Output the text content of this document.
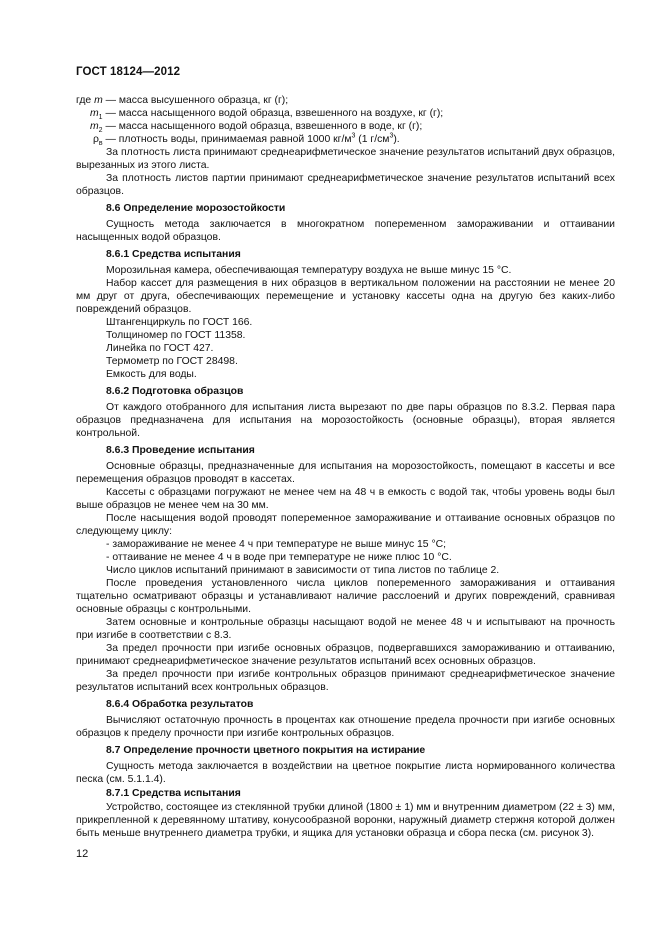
ГОСТ 18124—2012

где m — масса высушенного образца, кг (г);

$m_1$ — масса насыщенного водой образца, взвешенного на воздухе, кг (г);

$m_2$ — масса насыщенного водой образца, взвешенного в воде, кг (г);

$\rho_в$ — плотность воды, принимаемая равной 1000 $кг/м^3$ (1 $г/см^3$).

За плотность листа принимают среднеарифметическое значение результатов испытаний двух образцов, вырезанных из этого листа.

За плотность листов партии принимают среднеарифметическое значение результатов испытаний всех образцов.

8.6 Определение морозостойкости

Сущность метода заключается в многократном попеременном замораживании и оттаивании насыщенных водой образцов.

8.6.1 Средства испытания

Морозильная камера, обеспечивающая температуру воздуха не выше минус 15 °С.

Набор кассет для размещения в них образцов в вертикальном положении на расстоянии не менее 20 мм друг от друга, обеспечивающих перемещение и установку кассеты одна на другую без каких-либо повреждений образцов.

Штангенциркуль по ГОСТ 166.

Толщиномер по ГОСТ 11358.

Линейка по ГОСТ 427.

Термометр по ГОСТ 28498.

Емкость для воды.

8.6.2 Подготовка образцов

От каждого отобранного для испытания листа вырезают по две пары образцов по 8.3.2. Первая пара образцов предназначена для испытания на морозостойкость (основные образцы), вторая является контрольной.

8.6.3 Проведение испытания

Основные образцы, предназначенные для испытания на морозостойкость, помещают в кассеты и все перемещения образцов проводят в кассетах.

Кассеты с образцами погружают не менее чем на 48 ч в емкость с водой так, чтобы уровень воды был выше образцов не менее чем на 30 мм.

После насыщения водой проводят попеременное замораживание и оттаивание основных образцов по следующему циклу:

- замораживание не менее 4 ч при температуре не выше минус 15 °С;

- оттаивание не менее 4 ч в воде при температуре не ниже плюс 10 °С.

Число циклов испытаний принимают в зависимости от типа листов по таблице 2.

После проведения установленного числа циклов попеременного замораживания и оттаивания тщательно осматривают образцы и устанавливают наличие расслоений и других повреждений, сравнивая основные образцы с контрольными.

Затем основные и контрольные образцы насыщают водой не менее 48 ч и испытывают на прочность при изгибе в соответствии с 8.3.

За предел прочности при изгибе основных образцов, подвергавшихся замораживанию и оттаиванию, принимают среднеарифметическое значение результатов испытаний всех основных образцов.

За предел прочности при изгибе контрольных образцов принимают среднеарифметическое значение результатов испытаний всех контрольных образцов.

8.6.4 Обработка результатов

Вычисляют остаточную прочность в процентах как отношение предела прочности при изгибе основных образцов к пределу прочности при изгибе контрольных образцов.

8.7 Определение прочности цветного покрытия на истирание

Сущность метода заключается в воздействии на цветное покрытие листа нормированного количества песка (см. 5.1.1.4).

8.7.1 Средства испытания

Устройство, состоящее из стеклянной трубки длиной (1800 ± 1) мм и внутренним диаметром (22 ± 3) мм, прикрепленной к деревянному штативу, конусообразной воронки, наружный диаметр стержня которой должен быть меньше внутреннего диаметра трубки, и ящика для установки образца и сбора песка (см. рисунок 3).

12
